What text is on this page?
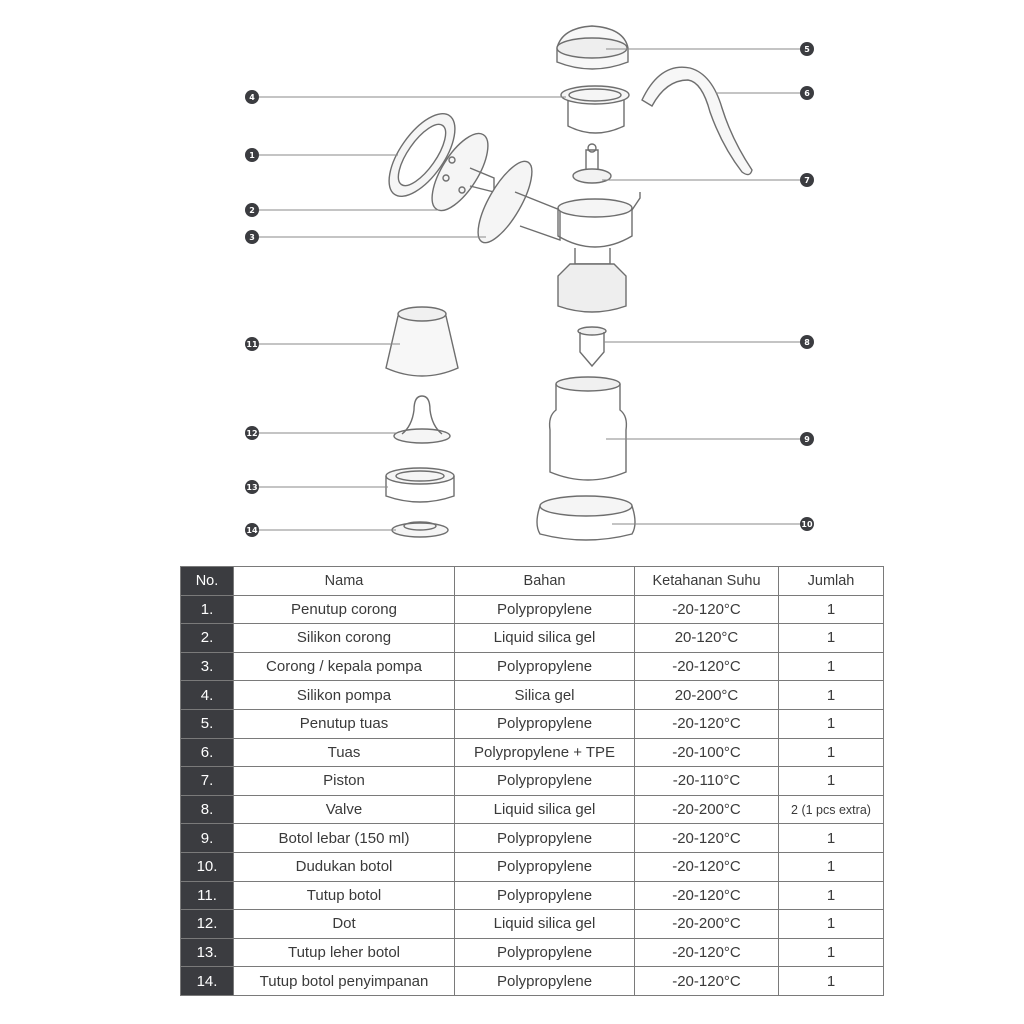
1
2
3
4
5
6
7
8
9
10
11
12
13
14
No.	Nama	Bahan	Ketahanan Suhu	Jumlah
1.	Penutup corong	Polypropylene	-20-120°C	1
2.	Silikon corong	Liquid silica gel	20-120°C	1
3.	Corong / kepala pompa	Polypropylene	-20-120°C	1
4.	Silikon pompa	Silica gel	20-200°C	1
5.	Penutup tuas	Polypropylene	-20-120°C	1
6.	Tuas	Polypropylene + TPE	-20-100°C	1
7.	Piston	Polypropylene	-20-110°C	1
8.	Valve	Liquid silica gel	-20-200°C	2 (1 pcs extra)
9.	Botol lebar (150 ml)	Polypropylene	-20-120°C	1
10.	Dudukan botol	Polypropylene	-20-120°C	1
11.	Tutup botol	Polypropylene	-20-120°C	1
12.	Dot	Liquid silica gel	-20-200°C	1
13.	Tutup leher botol	Polypropylene	-20-120°C	1
14.	Tutup botol penyimpanan	Polypropylene	-20-120°C	1
